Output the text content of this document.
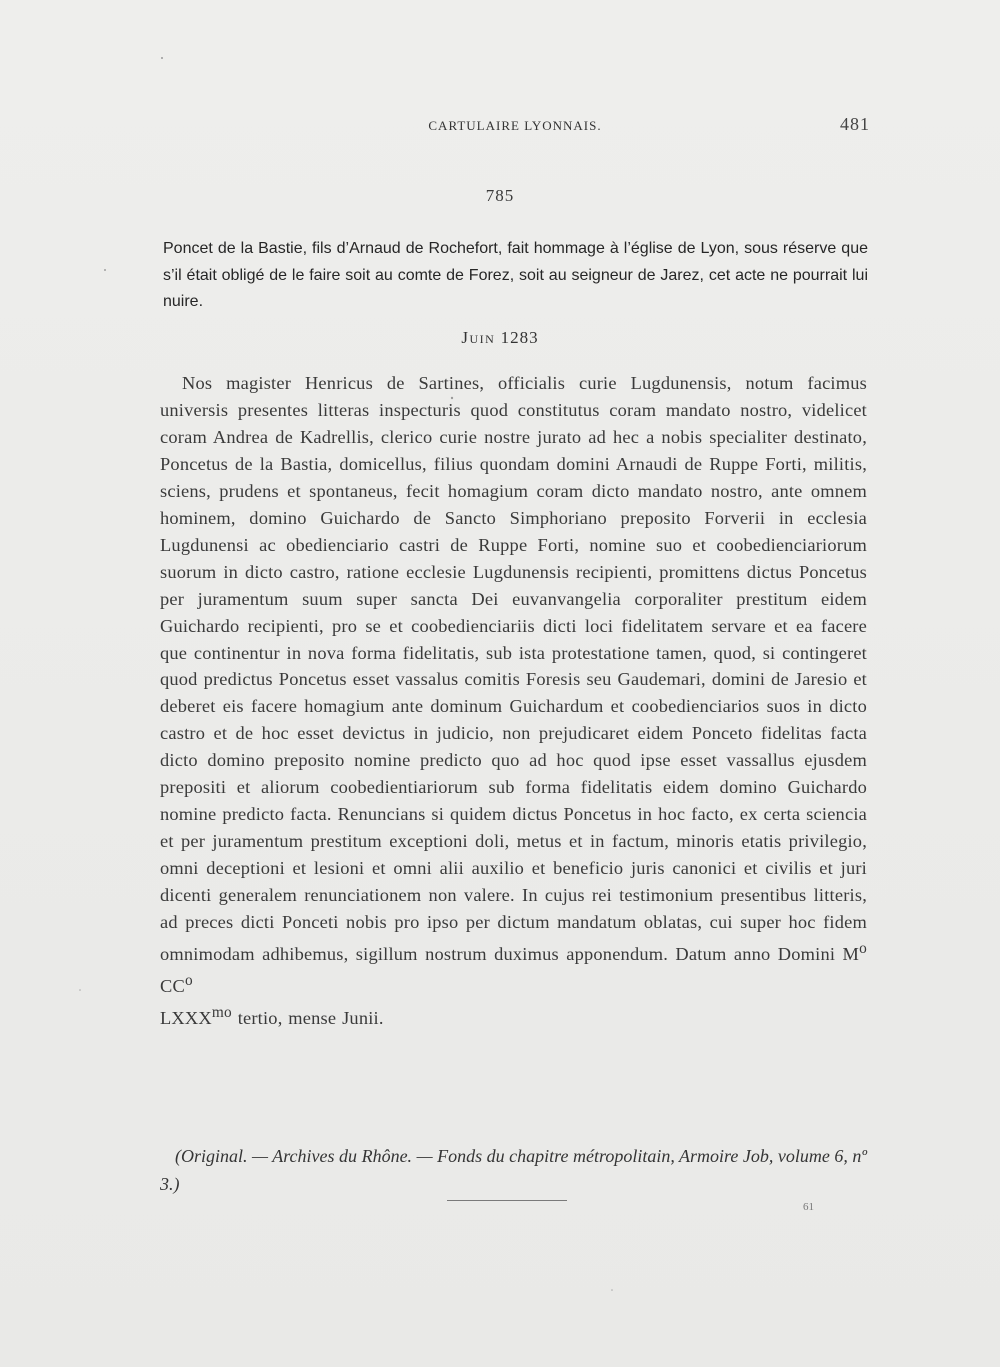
CARTULAIRE LYONNAIS.	481
785

Poncet de la Bastie, fils d’Arnaud de Rochefort, fait hommage à l’église de Lyon, sous réserve que s’il était obligé de le faire soit au comte de Forez, soit au seigneur de Jarez, cet acte ne pourrait lui nuire.

Juin 1283

Nos magister Henricus de Sartines, officialis curie Lugdunensis, notum facimus universis presentes litteras inspecturis quod constitutus coram mandato nostro, videlicet coram Andrea de Kadrellis, clerico curie nostre jurato ad hec a nobis specialiter destinato, Poncetus de la Bastia, domicellus, filius quondam domini Arnaudi de Ruppe Forti, militis, sciens, prudens et spontaneus, fecit homagium coram dicto mandato nostro, ante omnem hominem, domino Guichardo de Sancto Simphoriano preposito Forverii in ecclesia Lugdunensi ac obedienciario castri de Ruppe Forti, nomine suo et coobedienciariorum suorum in dicto castro, ratione ecclesie Lugdunensis recipienti, promittens dictus Poncetus per juramentum suum super sancta Dei euvanvangelia corporaliter prestitum eidem Guichardo recipienti, pro se et coobedienciariis dicti loci fidelitatem servare et ea facere que continentur in nova forma fidelitatis, sub ista protestatione tamen, quod, si contingeret quod predictus Poncetus esset vassalus comitis Foresis seu Gaudemari, domini de Jaresio et deberet eis facere homagium ante dominum Guichardum et coobedienciarios suos in dicto castro et de hoc esset devictus in judicio, non prejudicaret eidem Ponceto fidelitas facta dicto domino preposito nomine predicto quo ad hoc quod ipse esset vassallus ejusdem prepositi et aliorum coobedientiariorum sub forma fidelitatis eidem domino Guichardo nomine predicto facta. Renuncians si quidem dictus Poncetus in hoc facto, ex certa sciencia et per juramentum prestitum exceptioni doli, metus et in factum, minoris etatis privilegio, omni deceptioni et lesioni et omni alii auxilio et beneficio juris canonici et civilis et juri dicenti generalem renunciationem non valere. In cujus rei testimonium presentibus litteris, ad preces dicti Ponceti nobis pro ipso per dictum mandatum oblatas, cui super hoc fidem omnimodam adhibemus, sigillum nostrum duximus apponendum. Datum anno Domini $M^o$ $CC^o$
$LXXX^{mo}$ tertio, mense Junii.

(Original. — Archives du Rhône. — Fonds du chapitre métropolitain, Armoire Job, volume 6, nº 3.)

61
